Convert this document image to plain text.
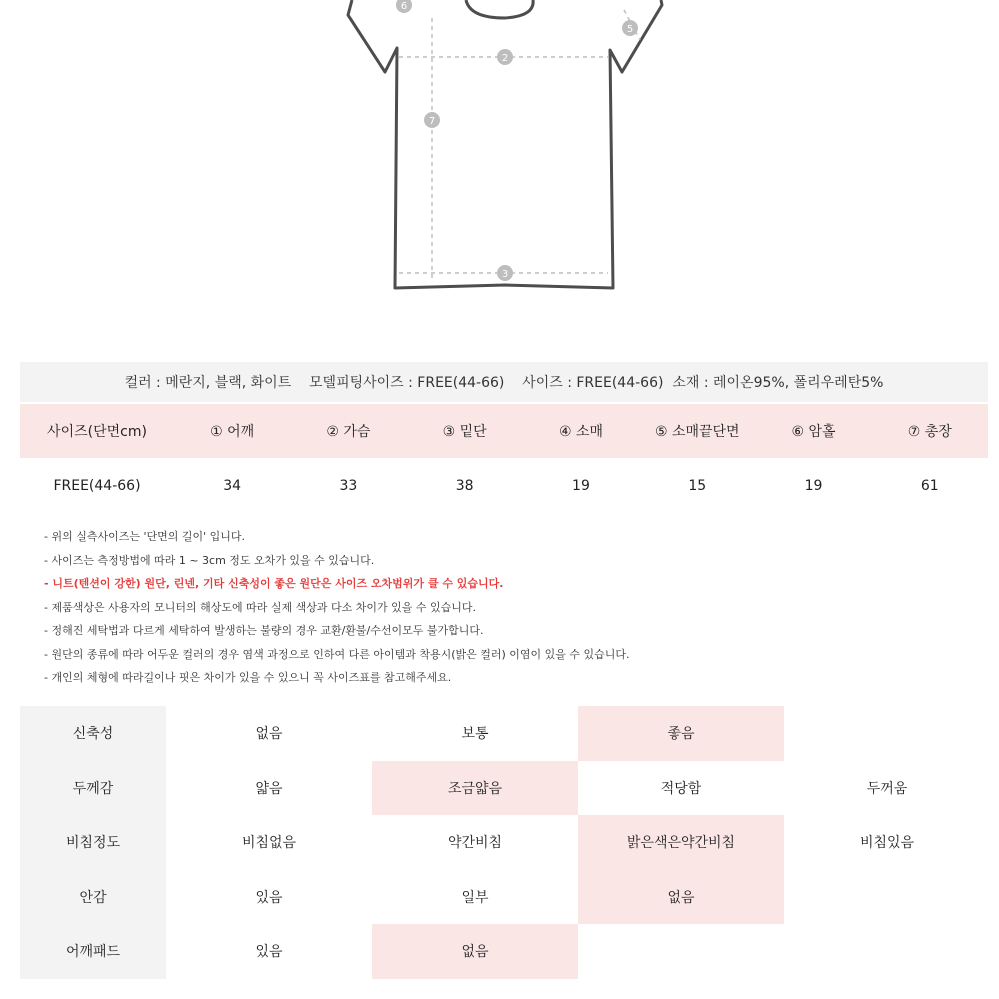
6
5
2
7
3
컬러 : 메란지, 블랙, 화이트    모델피팅사이즈 : FREE(44-66)    사이즈 : FREE(44-66)  소재 : 레이온95%, 폴리우레탄5%
사이즈(단면cm)	① 어깨	② 가슴	③ 밑단	④ 소매	⑤ 소매끝단면	⑥ 암홀	⑦ 총장
FREE(44-66)	34	33	38	19	15	19	61
- 위의 실측사이즈는 '단면의 길이' 입니다.
- 사이즈는 측정방법에 따라 1 ~ 3cm 정도 오차가 있을 수 있습니다.
- 니트(텐션이 강한) 원단, 린넨, 기타 신축성이 좋은 원단은 사이즈 오차범위가 클 수 있습니다.
- 제품색상은 사용자의 모니터의 해상도에 따라 실제 색상과 다소 차이가 있을 수 있습니다.
- 정해진 세탁법과 다르게 세탁하여 발생하는 불량의 경우 교환/환불/수선이모두 불가합니다.
- 원단의 종류에 따라 어두운 컬러의 경우 염색 과정으로 인하여 다른 아이템과 착용시(밝은 컬러) 이염이 있을 수 있습니다.
- 개인의 체형에 따라길이나 핏은 차이가 있을 수 있으니 꼭 사이즈표를 참고해주세요.
신축성	없음	보통	좋음
두께감	얇음	조금얇음	적당함	두꺼움
비침정도	비침없음	약간비침	밝은색은약간비침	비침있음
안감	있음	일부	없음
어깨패드	있음	없음
